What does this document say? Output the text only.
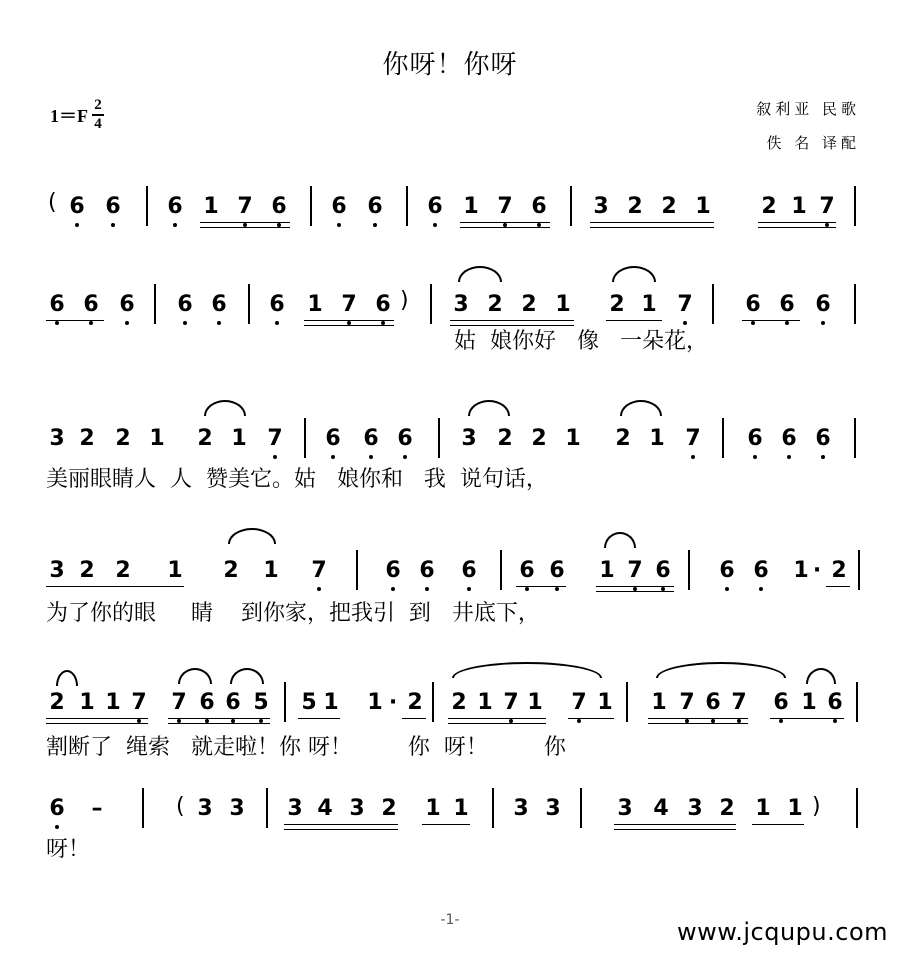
你呀！你呀
$1=F \frac{2}{4}$	叙利亚 民歌
佚 名 译配
( 6 6 6 1 7 6 6 6 6 1 7 6 3 2 2 1 2 1 7
6 6 6 6 6 6 1 7 6 ) 3 2 2 1 2 1 7 6 6 6
姑  娘你好   像   一朵花，
3 2 2 1 2 1 7 6 6 6 3 2 2 1 2 1 7 6 6 6
美丽眼睛人  人  赞美它。姑   娘你和   我  说句话，
3 2 2 1 2 1 7	6 6 6 6 6 1 7 6 6 6 1 · 2
为了你的眼     睛    到你家，把我引  到   井底下，
2 1 1 7 7 6 6 5 5 1 1 · 2 2 1 7 1 7 1 1 7 6 7 6 1 6
割断了  绳索   就走啦！你 呀！        你  呀！        你
6 –	( 3 3 3 4 3 2 1 1 3 3	3 4 3 2 1 1 )
呀！
-1-	www.jcqupu.com
